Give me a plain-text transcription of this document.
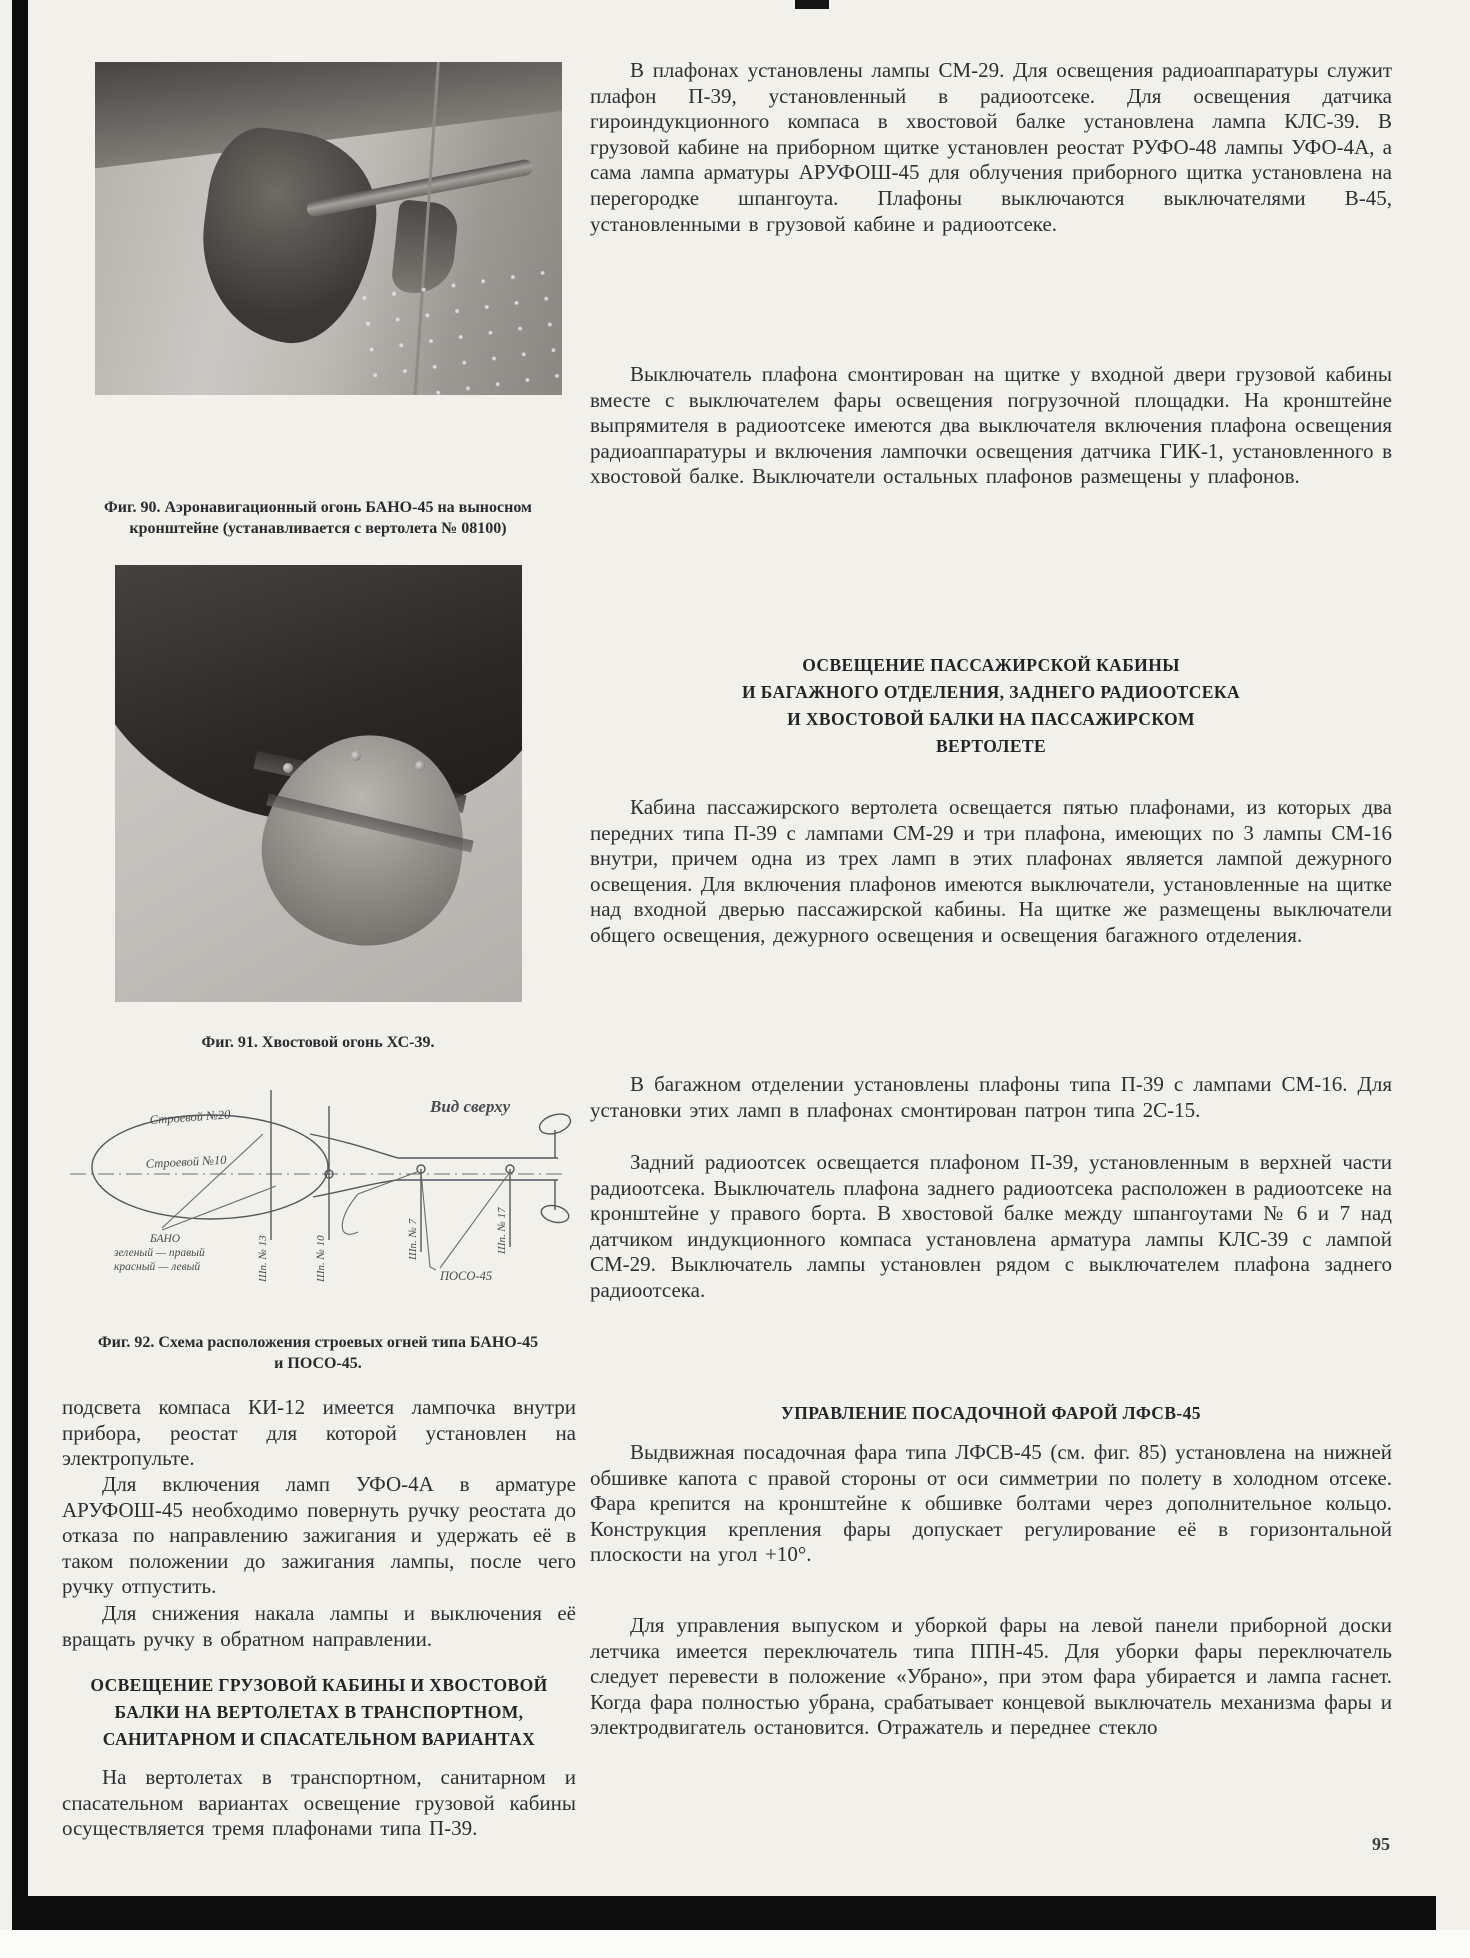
Фиг. 90. Аэронавигационный огонь БАНО-45 на выносном
кронштейне (устанавливается с вертолета № 08100)
Фиг. 91. Хвостовой огонь ХС-39.
Вид сверху
Строевой №20
Строевой №10
БАНО
зеленый — правый
красный — левый	Шп. № 13	Шп. № 10	Шп. № 7	Шп. № 17
ПОСО-45
Фиг. 92. Схема расположения строевых огней типа БАНО-45
и ПОСО-45.
подсвета компаса КИ-12 имеется лампочка внутри прибора, реостат для которой установлен на электропульте.
Для включения ламп УФО-4А в арматуре АРУФОШ-45 необходимо повернуть ручку реостата до отказа по направлению зажигания и удержать её в таком положении до зажигания лампы, после чего ручку отпустить.
Для снижения накала лампы и выключения её вращать ручку в обратном направлении.
ОСВЕЩЕНИЕ ГРУЗОВОЙ КАБИНЫ И ХВОСТОВОЙ
БАЛКИ НА ВЕРТОЛЕТАХ В ТРАНСПОРТНОМ,
САНИТАРНОМ И СПАСАТЕЛЬНОМ ВАРИАНТАХ
На вертолетах в транспортном, санитарном и спасательном вариантах освещение грузовой кабины осуществляется тремя плафонами типа П-39.
В плафонах установлены лампы СМ-29. Для освещения радиоаппаратуры служит плафон П-39, установленный в радиоотсеке. Для освещения датчика гироиндукционного компаса в хвостовой балке установлена лампа КЛС-39. В грузовой кабине на приборном щитке установлен реостат РУФО-48 лампы УФО-4А, а сама лампа арматуры АРУФОШ-45 для облучения приборного щитка установлена на перегородке шпангоута. Плафоны выключаются выключателями В-45, установленными в грузовой кабине и радиоотсеке.
Выключатель плафона смонтирован на щитке у входной двери грузовой кабины вместе с выключателем фары освещения погрузочной площадки. На кронштейне выпрямителя в радиоотсеке имеются два выключателя включения плафона освещения радиоаппаратуры и включения лампочки освещения датчика ГИК-1, установленного в хвостовой балке. Выключатели остальных плафонов размещены у плафонов.
ОСВЕЩЕНИЕ ПАССАЖИРСКОЙ КАБИНЫ
И БАГАЖНОГО ОТДЕЛЕНИЯ, ЗАДНЕГО РАДИООТСЕКА
И ХВОСТОВОЙ БАЛКИ НА ПАССАЖИРСКОМ
ВЕРТОЛЕТЕ
Кабина пассажирского вертолета освещается пятью плафонами, из которых два передних типа П-39 с лампами СМ-29 и три плафона, имеющих по 3 лампы СМ-16 внутри, причем одна из трех ламп в этих плафонах является лампой дежурного освещения. Для включения плафонов имеются выключатели, установленные на щитке над входной дверью пассажирской кабины. На щитке же размещены выключатели общего освещения, дежурного освещения и освещения багажного отделения.
В багажном отделении установлены плафоны типа П-39 с лампами СМ-16. Для установки этих ламп в плафонах смонтирован патрон типа 2С-15.
Задний радиоотсек освещается плафоном П-39, установленным в верхней части радиоотсека. Выключатель плафона заднего радиоотсека расположен в радиоотсеке на кронштейне у правого борта. В хвостовой балке между шпангоутами № 6 и 7 над датчиком индукционного компаса установлена арматура лампы КЛС-39 с лампой СМ-29. Выключатель лампы установлен рядом с выключателем плафона заднего радиоотсека.
УПРАВЛЕНИЕ ПОСАДОЧНОЙ ФАРОЙ ЛФСВ-45
Выдвижная посадочная фара типа ЛФСВ-45 (см. фиг. 85) установлена на нижней обшивке капота с правой стороны от оси симметрии по полету в холодном отсеке. Фара крепится на кронштейне к обшивке болтами через дополнительное кольцо. Конструкция крепления фары допускает регулирование её в горизонтальной плоскости на угол +10°.
Для управления выпуском и уборкой фары на левой панели приборной доски летчика имеется переключатель типа ППН-45. Для уборки фары переключатель следует перевести в положение «Убрано», при этом фара убирается и лампа гаснет. Когда фара полностью убрана, срабатывает концевой выключатель механизма фары и электродвигатель остановится. Отражатель и переднее стекло
95
